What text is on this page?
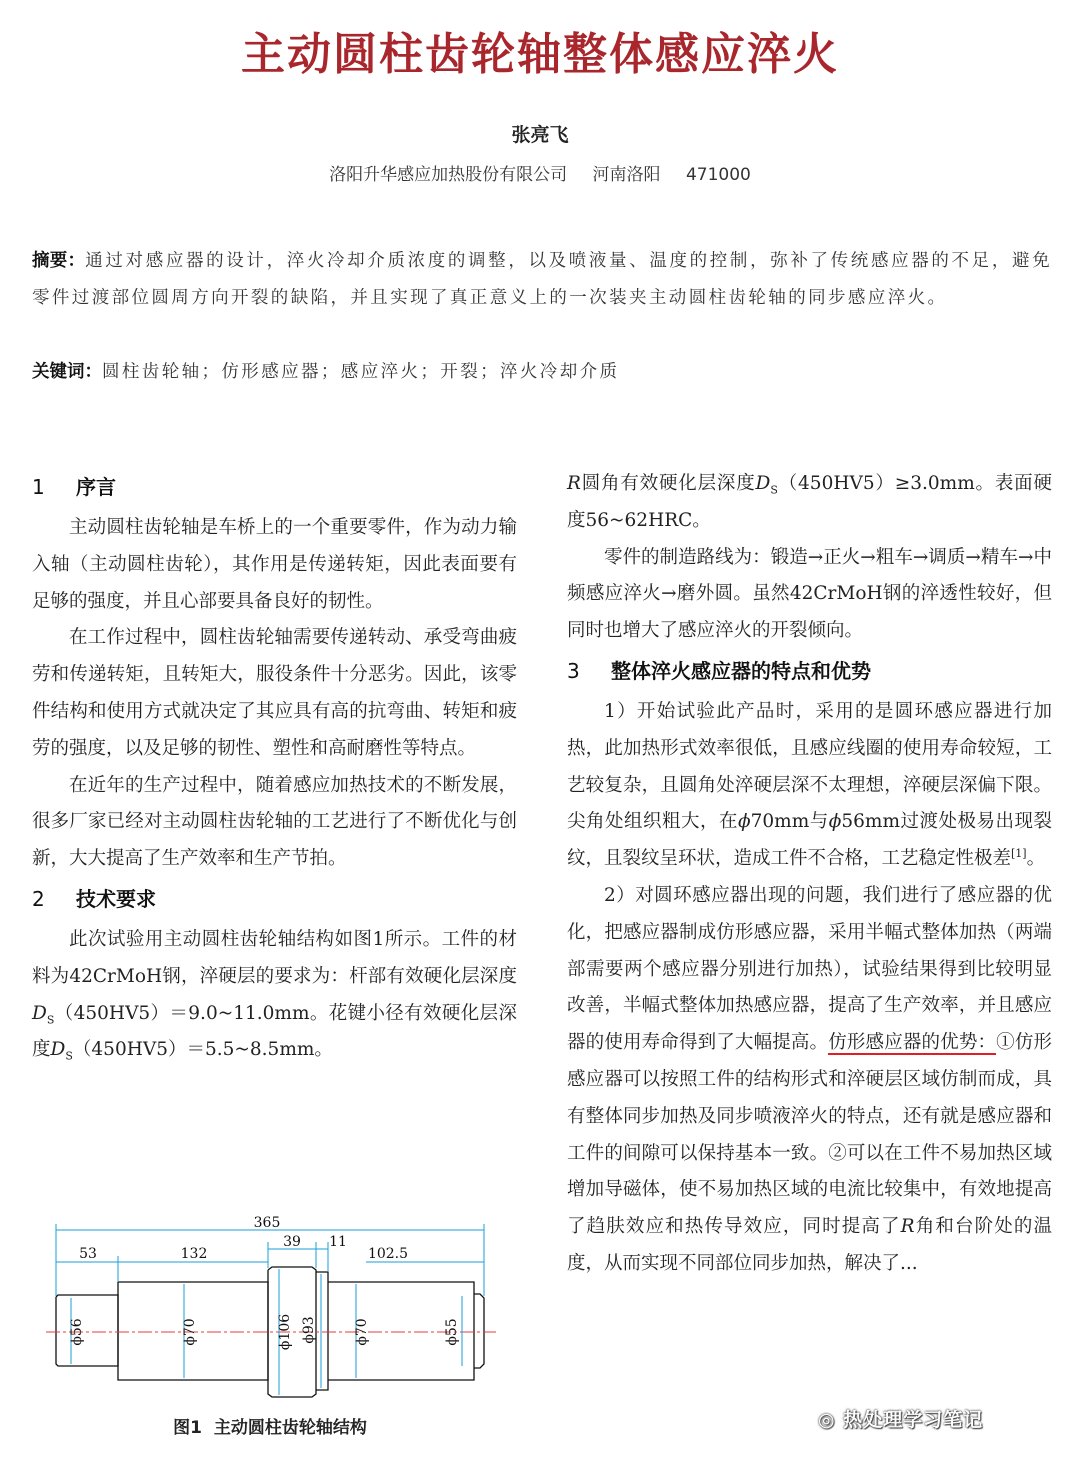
主动圆柱齿轮轴整体感应淬火
张亮飞
洛阳升华感应加热股份有限公司 河南洛阳 471000
摘要：通过对感应器的设计，淬火冷却介质浓度的调整，以及喷液量、温度的控制，弥补了传统感应器的不足，避免零件过渡部位圆周方向开裂的缺陷，并且实现了真正意义上的一次装夹主动圆柱齿轮轴的同步感应淬火。
关键词：圆柱齿轮轴；仿形感应器；感应淬火；开裂；淬火冷却介质
1 序言

主动圆柱齿轮轴是车桥上的一个重要零件，作为动力输入轴（主动圆柱齿轮），其作用是传递转矩，因此表面要有足够的强度，并且心部要具备良好的韧性。

在工作过程中，圆柱齿轮轴需要传递转动、承受弯曲疲劳和传递转矩，且转矩大，服役条件十分恶劣。因此，该零件结构和使用方式就决定了其应具有高的抗弯曲、转矩和疲劳的强度，以及足够的韧性、塑性和高耐磨性等特点。

在近年的生产过程中，随着感应加热技术的不断发展，很多厂家已经对主动圆柱齿轮轴的工艺进行了不断优化与创新，大大提高了生产效率和生产节拍。

2 技术要求

此次试验用主动圆柱齿轮轴结构如图1所示。工件的材料为42CrMoH钢，淬硬层的要求为：杆部有效硬化层深度$D_S(450HV5)=9.0\sim 11.0mm$。花键小径有效硬化层深度$D_S(450HV5)=5.5\sim 8.5mm$。

R圆角有效硬化层深度$D_S(450HV5)\ge 3.0mm$。表面硬度56~62HRC。

零件的制造路线为：锻造→正火→粗车→调质→精车→中频感应淬火→磨外圆。虽然42CrMoH钢的淬透性较好，但同时也增大了感应淬火的开裂倾向。

3 整体淬火感应器的特点和优势

1）开始试验此产品时，采用的是圆环感应器进行加热，此加热形式效率很低，且感应线圈的使用寿命较短，工艺较复杂，且圆角处淬硬层深不太理想，淬硬层深偏下限。尖角处组织粗大，在ϕ70mm与ϕ56mm过渡处极易出现裂纹，且裂纹呈环状，造成工件不合格，工艺稳定性极差[1]。

2）对圆环感应器出现的问题，我们进行了感应器的优化，把感应器制成仿形感应器，采用半幅式整体加热（两端部需要两个感应器分别进行加热），试验结果得到比较明显改善，半幅式整体加热感应器，提高了生产效率，并且感应器的使用寿命得到了大幅提高。仿形感应器的优势：①仿形感应器可以按照工件的结构形式和淬硬层区域仿制而成，具有整体同步加热及同步喷液淬火的特点，还有就是感应器和工件的间隙可以保持基本一致。②可以在工件不易加热区域增加导磁体，使不易加热区域的电流比较集中，有效地提高了趋肤效应和热传导效应，同时提高了R角和台阶处的温度，从而实现不同部位同步加热，解决了...

365
53	132
39 11
102.5
ϕ56	ϕ70	ϕ106 ϕ93	ϕ70	ϕ55
图1 主动圆柱齿轮轴结构	◎ 热处理学习笔记
